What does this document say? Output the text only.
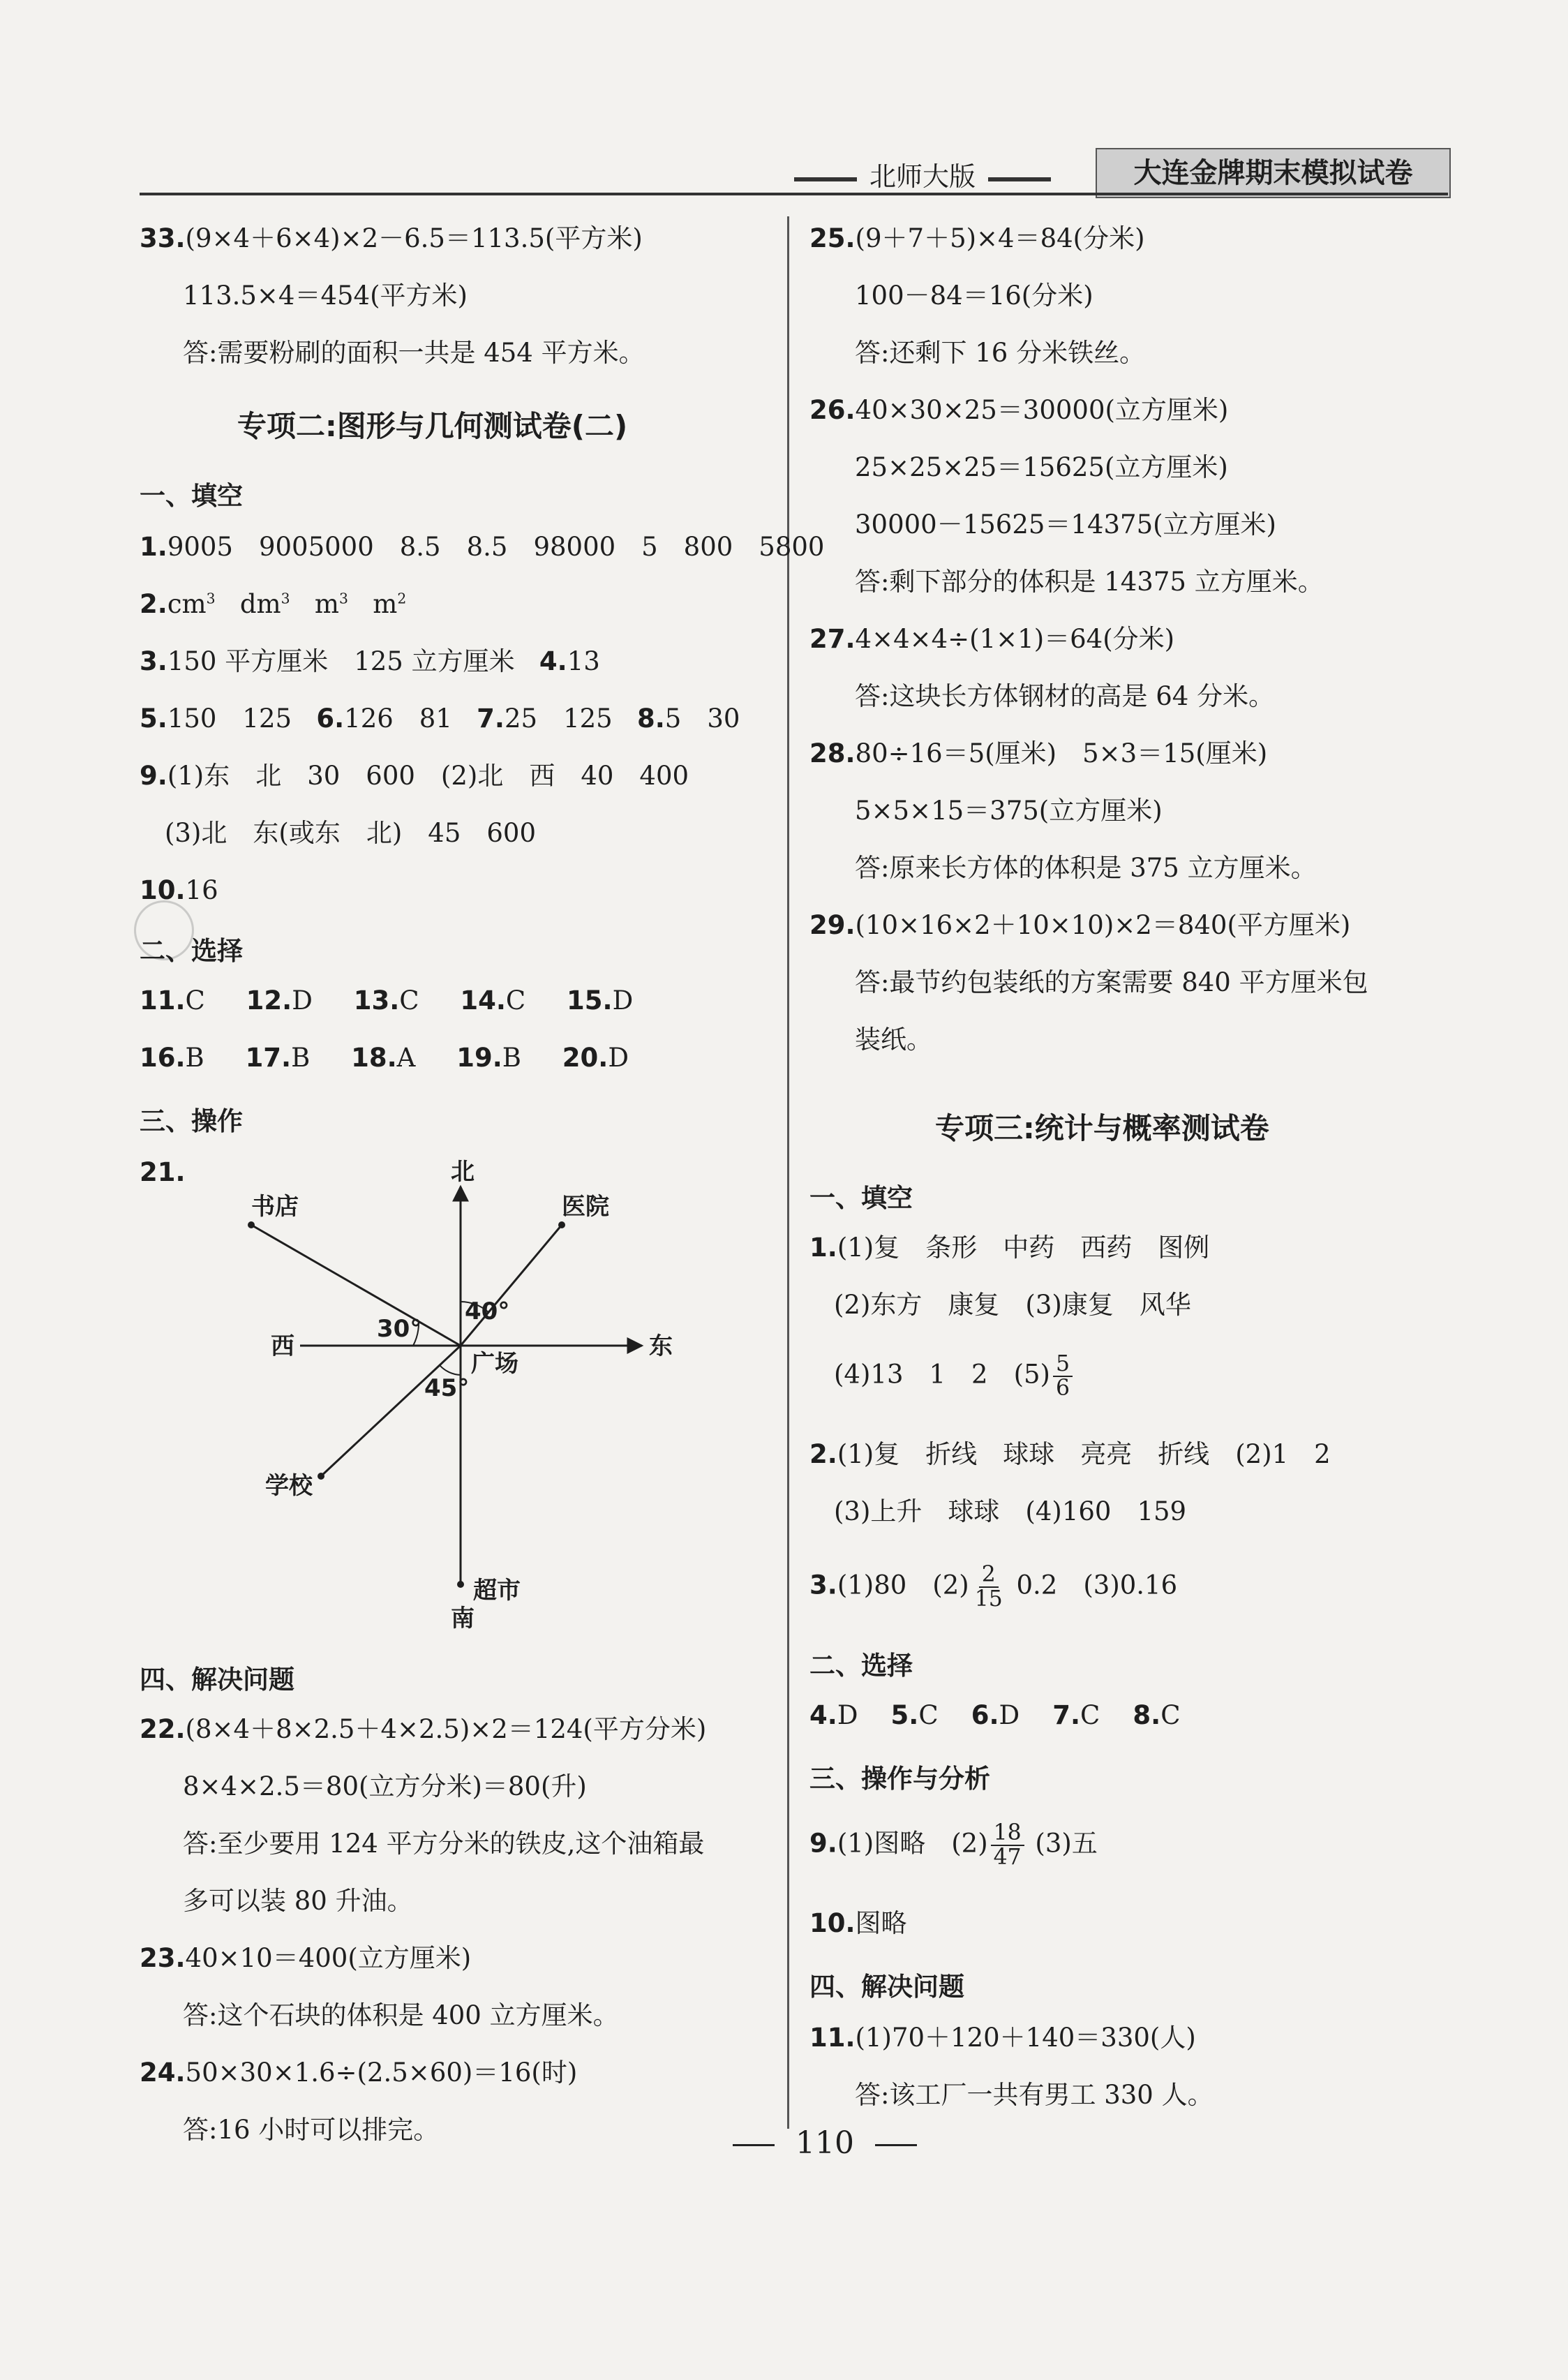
北师大版	大连金牌期末模拟试卷
33.(9×4＋6×4)×2－6.5＝113.5(平方米)
113.5×4＝454(平方米)
答:需要粉刷的面积一共是 454 平方米。
专项二:图形与几何测试卷(二)
一、填空
1.9005　9005000　8.5　8.5　98000　5　800　5800
$2.cm^3$ $dm^3$ $m^3$ $m^2$
3.150 平方厘米　125 立方厘米 4.13
5.150　125 6.126　81 7.25　125 8.5　30
9.(1)东　北　30　600　(2)北　西　40　400
(3)北　东(或东　北)　45　600
10.16
二、选择
11.C 12.D 13.C 14.C 15.D
16.B 17.B 18.A 19.B 20.D
三、操作
21.	北
南
东
西
书店	医院
广场
学校
超市
30°
40°
45°
四、解决问题
22.(8×4＋8×2.5＋4×2.5)×2＝124(平方分米)
8×4×2.5＝80(立方分米)＝80(升)
答:至少要用 124 平方分米的铁皮,这个油箱最
多可以装 80 升油。
23.40×10＝400(立方厘米)
答:这个石块的体积是 400 立方厘米。
24.50×30×1.6÷(2.5×60)＝16(时)
答:16 小时可以排完。
25.(9＋7＋5)×4＝84(分米)
100－84＝16(分米)
答:还剩下 16 分米铁丝。
26.40×30×25＝30000(立方厘米)
25×25×25＝15625(立方厘米)
30000－15625＝14375(立方厘米)
答:剩下部分的体积是 14375 立方厘米。
27.4×4×4÷(1×1)＝64(分米)
答:这块长方体钢材的高是 64 分米。
28.80÷16＝5(厘米)　5×3＝15(厘米)
5×5×15＝375(立方厘米)
答:原来长方体的体积是 375 立方厘米。
29.(10×16×2＋10×10)×2＝840(平方厘米)
答:最节约包装纸的方案需要 840 平方厘米包
装纸。
专项三:统计与概率测试卷
一、填空
1.(1)复　条形　中药　西药　图例
(2)东方　康复　(3)康复　风华
(4)13　1　2　$(5) \frac{5}{6}$
2.(1)复　折线　球球　亮亮　折线　(2)1　2
(3)上升　球球　(4)160　159
3.(1)80　$(2) \frac{2}{15} 0.2$　(3)0.16
二、选择
4.D 5.C 6.D 7.C 8.C
三、操作与分析
9.(1)图略　$(2) \frac{18}{47} (3)$五
10.图略
四、解决问题
11.(1)70＋120＋140＝330(人)
答:该工厂一共有男工 330 人。
110
